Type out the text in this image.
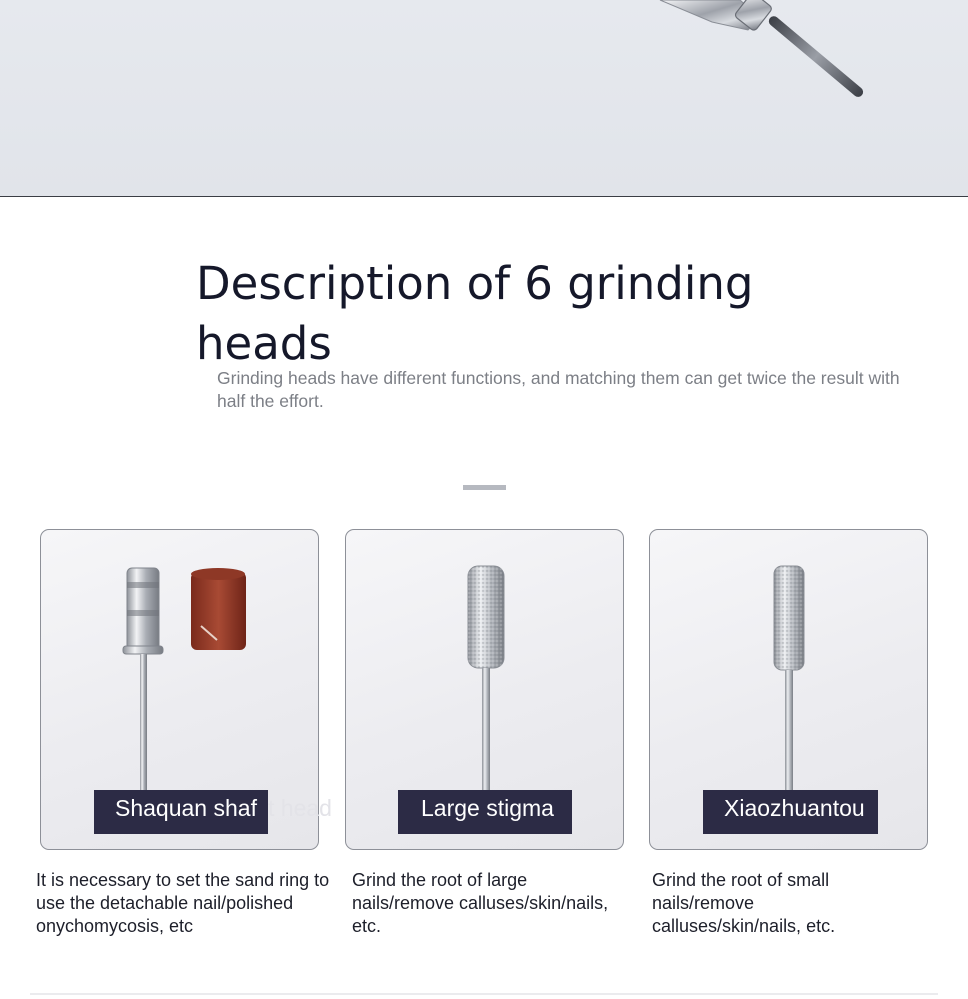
Description of 6 grinding heads
Grinding heads have different functions, and matching them can get twice the result with half the effort.
Shaquan shaf t head	Large stigma	Xiaozhuantou
It is necessary to set the sand ring to use the detachable nail/polished onychomycosis, etc
Grind the root of large nails/remove calluses/skin/nails, etc.
Grind the root of small nails/remove calluses/skin/nails, etc.
